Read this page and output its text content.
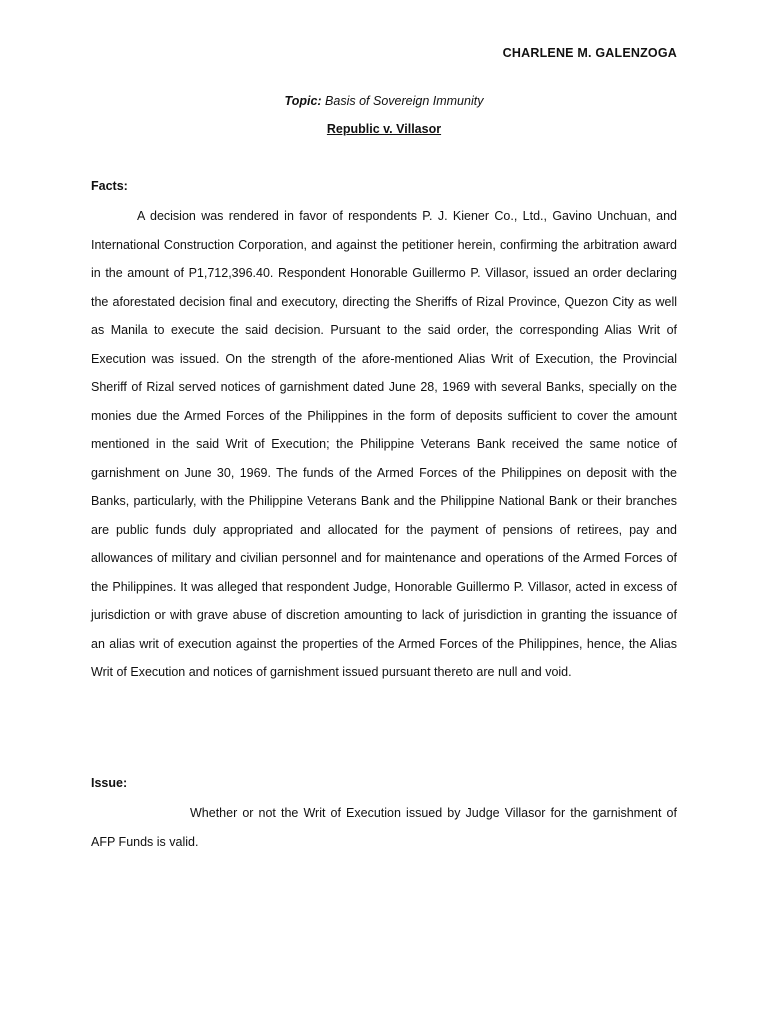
CHARLENE M. GALENZOGA
Topic: Basis of Sovereign Immunity
Republic v. Villasor
Facts:

A decision was rendered in favor of respondents P. J. Kiener Co., Ltd., Gavino Unchuan, and International Construction Corporation, and against the petitioner herein, confirming the arbitration award in the amount of P1,712,396.40. Respondent Honorable Guillermo P. Villasor, issued an order declaring the aforestated decision final and executory, directing the Sheriffs of Rizal Province, Quezon City as well as Manila to execute the said decision. Pursuant to the said order, the corresponding Alias Writ of Execution was issued. On the strength of the afore-mentioned Alias Writ of Execution, the Provincial Sheriff of Rizal served notices of garnishment dated June 28, 1969 with several Banks, specially on the monies due the Armed Forces of the Philippines in the form of deposits sufficient to cover the amount mentioned in the said Writ of Execution; the Philippine Veterans Bank received the same notice of garnishment on June 30, 1969. The funds of the Armed Forces of the Philippines on deposit with the Banks, particularly, with the Philippine Veterans Bank and the Philippine National Bank or their branches are public funds duly appropriated and allocated for the payment of pensions of retirees, pay and allowances of military and civilian personnel and for maintenance and operations of the Armed Forces of the Philippines. It was alleged that respondent Judge, Honorable Guillermo P. Villasor, acted in excess of jurisdiction or with grave abuse of discretion amounting to lack of jurisdiction in granting the issuance of an alias writ of execution against the properties of the Armed Forces of the Philippines, hence, the Alias Writ of Execution and notices of garnishment issued pursuant thereto are null and void.

Issue:

Whether or not the Writ of Execution issued by Judge Villasor for the garnishment of AFP Funds is valid.
